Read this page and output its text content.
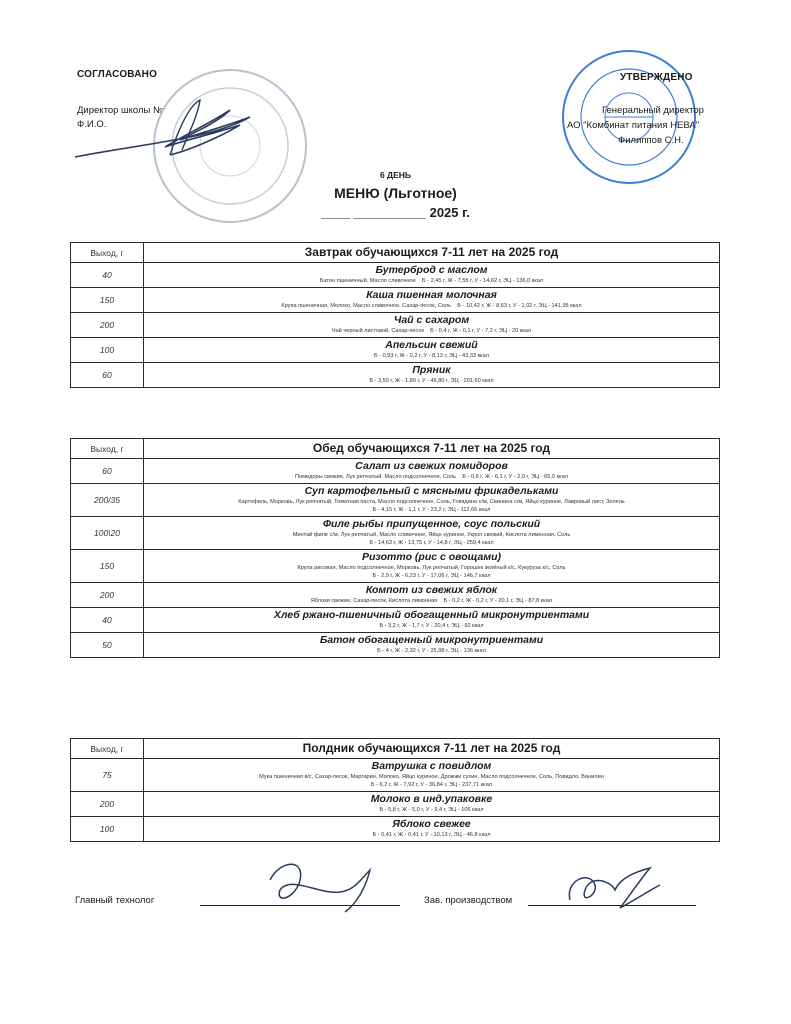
СОГЛАСОВАНО
Директор школы №
Ф.И.О.
УТВЕРЖДЕНО
Генеральный директор
АО "Комбинат питания НЕВА"
Филиппов С.Н.
6 ДЕНЬ
МЕНЮ (Льготное)
____ __________ 2025 г.
Выход, г	Завтрак обучающихся 7-11 лет на 2025 год
40	Бутерброд с маслом
Батон пшеничный, Масло сливочное Б - 2,45 г, Ж - 7,55 г, У - 14,62 г, ЭЦ - 136,0 ккал
150	Каша пшенная молочная
Крупа пшеничная, Молоко, Масло сливочное, Сахар-песок, Соль Б - 10,42 г, Ж - 8,63 г, У - 1,02 г, ЭЦ - 141,95 ккал
200	Чай с сахаром
Чай черный листовой, Сахар-песок Б - 0,4 г, Ж - 0,1 г, У - 7,2 г, ЭЦ - 20 ккал
100	Апельсин свежий
Б - 0,93 г, Ж - 0,2 г, У - 8,13 г, ЭЦ - 43,33 ккал
60	Пряник
Б - 3,50 г, Ж - 1,80 г, У - 46,80 г, ЭЦ - 201,60 ккал
Выход, г	Обед обучающихся 7-11 лет на 2025 год
60	Салат из свежих помидоров
Помидоры свежие, Лук репчатый, Масло подсолнечное, Соль Б - 0,6 г, Ж - 6,1 г, У - 2,0 г, ЭЦ - 65,0 ккал
200/35
Суп картофельный с мясными фрикадельками
Картофель, Морковь, Лук репчатый, Томатная паста, Масло подсолнечное, Соль, Говядина с/м, Свинина с/м, Яйцо куриное, Лавровый лист, Зелень
Б - 4,15 г, Ж - 1,1 г, У - 23,2 г, ЭЦ - 112,66 ккал
100\20
Филе рыбы припущенное, соус польский
Минтай филе с/м, Лук репчатый, Масло сливочное, Яйцо куриное, Укроп свежий, Кислота лимонная, Соль
Б - 14,63 г, Ж - 13,75 г, У - 14,8 г, ЭЦ - 259,4 ккал
150
Ризотто (рис с овощами)
Крупа рисовая, Масло подсолнечное, Морковь, Лук репчатый, Горошек зелёный к/с, Кукуруза к/с, Соль
Б - 2,9 г, Ж - 6,23 г, У - 17,06 г, ЭЦ - 146,7 ккал
200	Компот из свежих яблок
Яблоки свежие, Сахар-песок, Кислота лимонная Б - 0,2 г, Ж - 0,2 г, У - 20,1 г, ЭЦ - 87,8 ккал
40	Хлеб ржано-пшеничный обогащенный микронутриентами
Б - 3,2 г, Ж - 1,7 г, У - 20,4 г, ЭЦ - 92 ккал
50	Батон обогащенный микронутриентами
Б - 4 г, Ж - 2,32 г, У - 25,98 г, ЭЦ - 136 ккал
Выход, г	Полдник обучающихся 7-11 лет на 2025 год
75
Ватрушка с повидлом
Мука пшеничная в/с, Сахар-песок, Маргарин, Молоко, Яйцо куриное, Дрожжи сухие, Масло подсолнечное, Соль, Повидло, Ванилин
Б - 6,2 г, Ж - 7,92 г, У - 36,84 г, ЭЦ - 237,71 ккал
200	Молоко в инд.упаковке
Б - 5,8 г, Ж - 5,0 г, У - 9,4 г, ЭЦ - 106 ккал
100	Яблоко свежее
Б - 0,41 г, Ж - 0,41 г, У - 10,13 г, ЭЦ - 46,8 ккал
Главный технолог	Зав. производством
